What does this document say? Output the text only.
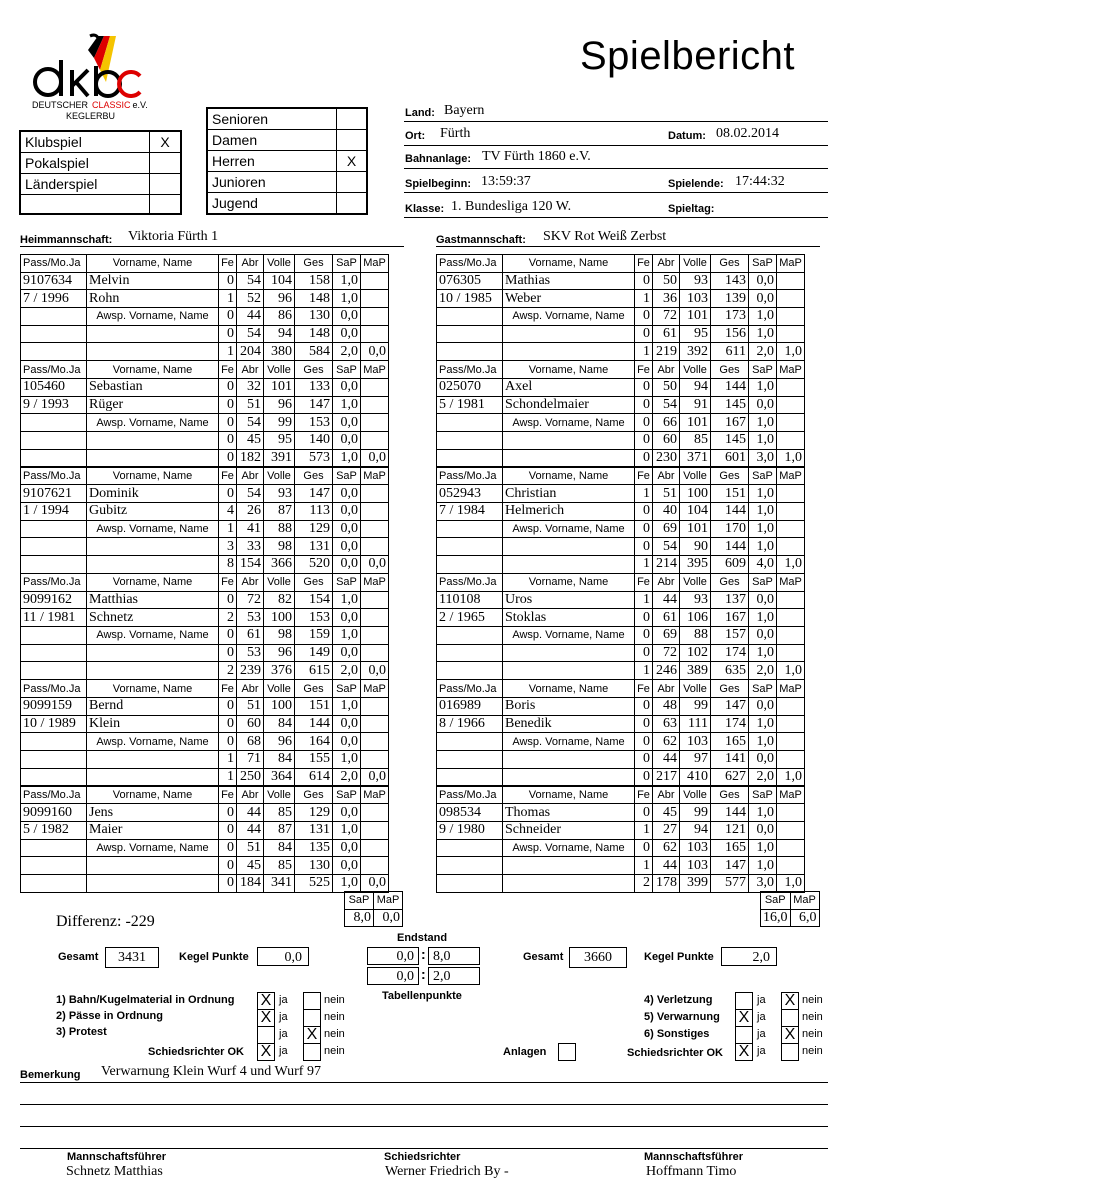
DEUTSCHER CLASSIC e.V.
KEGLERBU
Spielbericht
Klubspiel	X
Pokalspiel	
Länderspiel	

Senioren	
Damen	
Herren	X
Junioren	
Jugend	
Land: Bayern
Ort: Fürth	Datum: 08.02.2014
Bahnanlage: TV Fürth 1860 e.V.
Spielbeginn: 13:59:37	Spielende: 17:44:32
Klasse: 1. Bundesliga 120 W.	Spieltag:
Heimmannschaft: Viktoria Fürth 1	Gastmannschaft: SKV Rot Weiß Zerbst
Pass/Mo.Ja	Vorname, Name	Fe	Abr	Volle	Ges	SaP	MaP
9107634	Melvin	0	54	104	158	1,0	
7 / 1996	Rohn	1	52	96	148	1,0	
	Awsp. Vorname, Name	0	44	86	130	0,0	
		0	54	94	148	0,0	
		1	204	380	584	2,0	0,0
Pass/Mo.Ja	Vorname, Name	Fe	Abr	Volle	Ges	SaP	MaP
105460	Sebastian	0	32	101	133	0,0	
9 / 1993	Rüger	0	51	96	147	1,0	
	Awsp. Vorname, Name	0	54	99	153	0,0	
		0	45	95	140	0,0	
		0	182	391	573	1,0	0,0
Pass/Mo.Ja	Vorname, Name	Fe	Abr	Volle	Ges	SaP	MaP
9107621	Dominik	0	54	93	147	0,0	
1 / 1994	Gubitz	4	26	87	113	0,0	
	Awsp. Vorname, Name	1	41	88	129	0,0	
		3	33	98	131	0,0	
		8	154	366	520	0,0	0,0
Pass/Mo.Ja	Vorname, Name	Fe	Abr	Volle	Ges	SaP	MaP
9099162	Matthias	0	72	82	154	1,0	
11 / 1981	Schnetz	2	53	100	153	0,0	
	Awsp. Vorname, Name	0	61	98	159	1,0	
		0	53	96	149	0,0	
		2	239	376	615	2,0	0,0
Pass/Mo.Ja	Vorname, Name	Fe	Abr	Volle	Ges	SaP	MaP
9099159	Bernd	0	51	100	151	1,0	
10 / 1989	Klein	0	60	84	144	0,0	
	Awsp. Vorname, Name	0	68	96	164	0,0	
		1	71	84	155	1,0	
		1	250	364	614	2,0	0,0
Pass/Mo.Ja	Vorname, Name	Fe	Abr	Volle	Ges	SaP	MaP
9099160	Jens	0	44	85	129	0,0	
5 / 1982	Maier	0	44	87	131	1,0	
	Awsp. Vorname, Name	0	51	84	135	0,0	
		0	45	85	130	0,0	
		0	184	341	525	1,0	0,0
Pass/Mo.Ja	Vorname, Name	Fe	Abr	Volle	Ges	SaP	MaP
076305	Mathias	0	50	93	143	0,0	
10 / 1985	Weber	1	36	103	139	0,0	
	Awsp. Vorname, Name	0	72	101	173	1,0	
		0	61	95	156	1,0	
		1	219	392	611	2,0	1,0
Pass/Mo.Ja	Vorname, Name	Fe	Abr	Volle	Ges	SaP	MaP
025070	Axel	0	50	94	144	1,0	
5 / 1981	Schondelmaier	0	54	91	145	0,0	
	Awsp. Vorname, Name	0	66	101	167	1,0	
		0	60	85	145	1,0	
		0	230	371	601	3,0	1,0
Pass/Mo.Ja	Vorname, Name	Fe	Abr	Volle	Ges	SaP	MaP
052943	Christian	1	51	100	151	1,0	
7 / 1984	Helmerich	0	40	104	144	1,0	
	Awsp. Vorname, Name	0	69	101	170	1,0	
		0	54	90	144	1,0	
		1	214	395	609	4,0	1,0
Pass/Mo.Ja	Vorname, Name	Fe	Abr	Volle	Ges	SaP	MaP
110108	Uros	1	44	93	137	0,0	
2 / 1965	Stoklas	0	61	106	167	1,0	
	Awsp. Vorname, Name	0	69	88	157	0,0	
		0	72	102	174	1,0	
		1	246	389	635	2,0	1,0
Pass/Mo.Ja	Vorname, Name	Fe	Abr	Volle	Ges	SaP	MaP
016989	Boris	0	48	99	147	0,0	
8 / 1966	Benedik	0	63	111	174	1,0	
	Awsp. Vorname, Name	0	62	103	165	1,0	
		0	44	97	141	0,0	
		0	217	410	627	2,0	1,0
Pass/Mo.Ja	Vorname, Name	Fe	Abr	Volle	Ges	SaP	MaP
098534	Thomas	0	45	99	144	1,0	
9 / 1980	Schneider	1	27	94	121	0,0	
	Awsp. Vorname, Name	0	62	103	165	1,0	
		1	44	103	147	1,0	
		2	178	399	577	3,0	1,0
Differenz: -229
SaP	MaP
8,0	0,0
SaP	MaP
16,0	6,0
Gesamt	3431	Kegel Punkte	0,0	Gesamt	3660	Kegel Punkte	2,0
Endstand
0,0 : 8,0
0,0 : 2,0
Tabellenpunkte
1) Bahn/Kugelmaterial in Ordnung X ja	nein
2) Pässe in Ordnung	X ja	nein
3) Protest	ja X nein
Schiedsrichter OK X ja	nein	Anlagen
4) Verletzung	ja X nein
5) Verwarnung X ja	nein
6) Sonstiges	ja X nein
Schiedsrichter OK X ja	nein
Bemerkung Verwarnung Klein Wurf 4 und Wurf 97
Mannschaftsführer
Schnetz Matthias
Schiedsrichter
Werner Friedrich By -
Mannschaftsführer
Hoffmann Timo
